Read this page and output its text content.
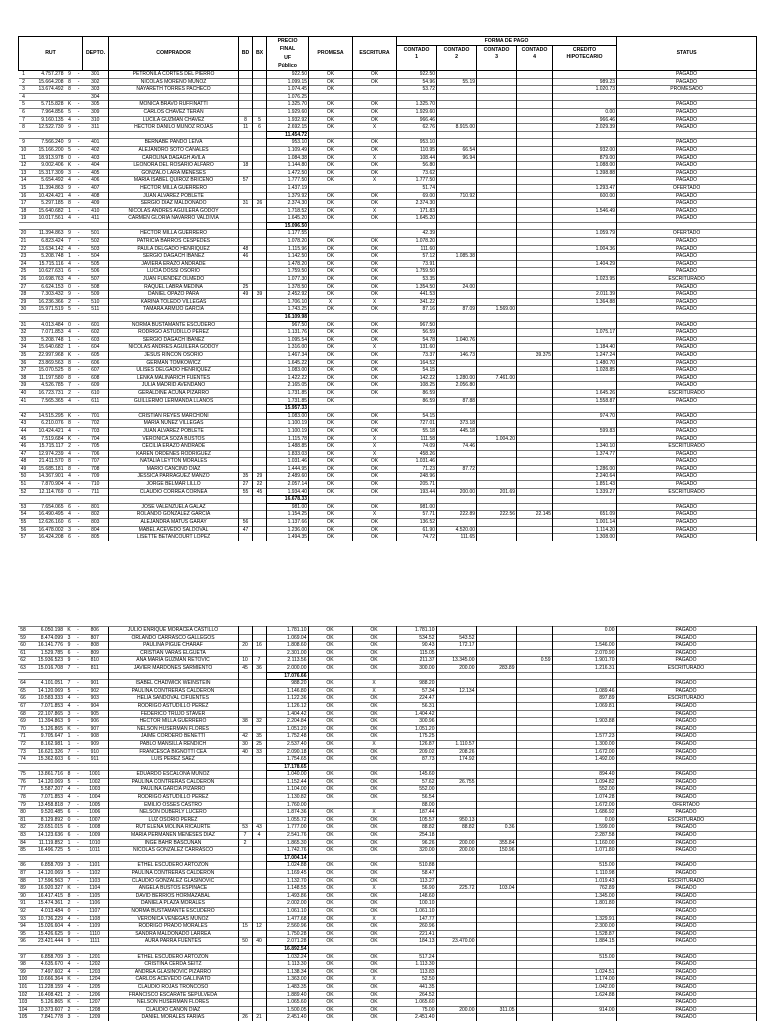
RUT				DEPTO.	COMPRADOR	BD	BX	PRECIO	PROMESA	ESCRITURA	FORMA DE PAGO					STATUS
								FINAL			CONTADO	CONTADO	CONTADO	CONTADO	CREDITO	
								UF			1	2	3	4	HIPOTECARIO	
								Público								
1	4.757.278	9	-	301	PETRONILA CORTES DEL PIERRO			922.50	OK	OK	922.50					PAGADO
2	15.664.208	8	-	302	NICOLAS MORENO MUÑOZ			1.099.15	OK	OK	54.96	55.19			989.23	PAGADO
3	13.674.492	8	-	303	NAYARETH TORRES PACHECO			1.074.45	OK		53.72				1.020.73	PROMESADO
4				304				1.076.25								
5	5.715.828	K	-	305	MONICA BRAVO RUFFINATTI			1.325.70	OK	OK	1.325.70					PAGADO
6	7.964.856	5	-	309	CARLOS CHAVEZ TERAN			1.929.60	OK	OK	1.929.60				0.00	PAGADO
7	9.160.135	4	-	310	LUCILA GUZMAN CHAVEZ	8	5	1.932.92	OK	OK	966.46				966.46	PAGADO
8	12.522.730	9	-	311	HECTOR DANILO MUÑOZ ROJAS	11	6	2.692.15	OK	X	62.76	8.915.00			2.029.39	PAGADO
								11.454.72								
9	7.566.240	9	-	401	BERNABE PANDO LEIVA			953.10	OK	OK	953.10					PAGADO
10	15.166.200	5	-	402	ALEJANDRO SOTO CANALES			1.109.49	OK	OK	110.95	66.54			932.00	PAGADO
11	18.913.978	0	-	403	CAROLINA DAGAGH AVILA			1.084.38	OK	X	108.44	96.94			879.00	PAGADO
12	9.002.406	K	-	404	LEONORA DEL ROSARIO ALFARO	18		1.144.80	OK	OK	56.80				1.088.00	PAGADO
13	15.317.309	3	-	405	GONZALO LARA MENESES			1.472.50	OK	OK	73.62				1.398.88	PAGADO
14	5.654.492	4	-	406	MARIA ISABEL QUIROZ BRICEÑO	57		1.777.50	OK	X	1.777.50					PAGADO
15	11.394.863	9	-	407	HECTOR MILLA GUERRERO			1.437.19			51.74				1.293.47	OFERTADO
16	10.424.421	4	-	408	JUAN ALVAREZ POBLETE			1.379.92	OK	OK	69.00	710.92			600.00	PAGADO
17	5.297.185	8	-	409	SERGIO DIAZ MALDONADO	31	26	2.374.30	OK	OK	2.374.30					PAGADO
18	15.640.682	1	-	410	NICOLAS ANDRES AGUILERA GODOY			1.718.52	OK	X	171.83				1.546.49	PAGADO
19	10.017.561	4	-	411	CARMEN GLORIA NAVARRO VALDIVIA			1.645.20	OK	OK	1.645.20					PAGADO
								15.096.50								
20	11.394.863	9	-	501	HECTOR MILLA GUERRERO			1.177.55			42.39				1.059.79	OFERTADO
21	6.823.424	7	-	502	PATRICIA BARROS CESPEDES			1.078.20	OK	OK	1.078.20					PAGADO
22	13.634.142	4	-	503	PAULA DELGADO HENRIQUEZ	48		1.115.96	OK	OK	111.60				1.004.36	PAGADO
23	5.208.748	1	-	504	SERGIO DAGACH IBAÑEZ	46		1.142.50	OK	OK	57.12	1.085.38				PAGADO
24	15.715.116	4	-	505	JAVIERA ERAZO ANDRADE			1.478.20	OK	OK	73.91				1.404.29	PAGADO
25	10.627.631	6	-	506	LUCIA DOSSI OSORIO			1.759.50	OK	OK	1.759.50					PAGADO
26	10.698.763	4	-	507	JUAN FUENDEZ OLMEDO			1.077.30	OK	OK	53.35				1.023.95	ESCRITURADO
27	6.624.153	0	-	508	RAQUEL LABRA MEDINA	25		1.378.50	OK	OK	1.354.50	24.00				PAGADO
28	7.303.432	9	-	509	DANIEL OPAZO PARA	49	39	2.452.92	OK	OK	441.53				2.011.39	PAGADO
29	16.236.366	2	-	510	KARINA TOLEDO VILLEGAS			1.706.10	X	X	341.22				1.364.88	PAGADO
30	15.971.519	5	-	511	TAMARA ARMIJO GARCIA			1.743.25	OK	OK	87.16	87.09	1.569.00			PAGADO
								16.109.98								
31	4.013.484	0	-	601	NORMA BUSTAMANTE ESCUDERO			967.50	OK	OK	967.50					PAGADO
32	7.071.853	4	-	602	RODRIGO ASTUDILLO PEREZ			1.131.76	OK	OK	56.59				1.075.17	PAGADO
33	5.208.748	1	-	603	SERGIO DAGACH IBAÑEZ			1.095.54	OK	OK	54.78	1.040.76				PAGADO
34	15.640.682	1	-	604	NICOLAS ANDRES AGUILERA GODOY			1.316.00	OK	X	131.60				1.184.40	PAGADO
35	22.997.968	K	-	605	JESUS RINCON OSORIO			1.467.34	OK	OK	73.37	146.73		39.375	1.247.24	PAGADO
36	23.869.563	8	-	606	GERMAN TOMKOWICZ			1.645.22	OK	OK	164.52				1.480.70	PAGADO
37	15.070.525	8	-	607	ULISES DELGADO HENRIQUEZ			1.083.00	OK	OK	54.15				1.028.85	PAGADO
38	11.197.580	8	-	608	LENKA MALINARICH FUENTES			1.422.22	OK	OK	142.22	1.280.00	7.461.00			PAGADO
39	4.526.785	7	-	609	JULIA MADRID AVENDAÑO			2.165.05	OK	OK	108.25	2.056.80				PAGADO
40	16.723.731	2	-	610	GERALDINE ACUÑA PIZARRO			1.731.85	OK	OK	86.59				1.645.26	ESCRITURADO
41	7.565.365	4	-	611	GUILLERMO LERMANDA LLANOS			1.731.85	OK		86.59	87.88			1.558.87	PAGADO
								15.957.33								
42	14.515.295	K	-	701	CRISTIAN REYES MARCHONI			1.083.00	OK	OK	54.15				974.70	PAGADO
43	6.210.076	8	-	702	MARIA NUÑEZ VILLEGAS			1.100.19	OK	OK	727.01	373.18				PAGADO
44	10.424.421	4	-	703	JUAN ALVAREZ POBLETE			1.100.19	OK	OK	55.18	445.18			599.83	PAGADO
45	7.519.684	K	-	704	VERONICA SOZA BUSTOS			1.115.78	OK	X	111.58		1.004.20			PAGADO
46	15.715.117	2	-	705	CECILIA ERAZO ANDRADE			1.488.85	OK	X	74.09	74.46			1.340.10	ESCRITURADO
47	12.974.239	4	-	706	KAREN ORDENES RODRIGUEZ			1.833.03	OK	X	458.26				1.374.77	PAGADO
48	21.411.570	8	-	707	NATALIA LEYTON MORALES			1.031.46	OK	OK	1.031.46					PAGADO
49	15.685.181	8	-	708	MARIO CANCINO DIAZ			1.444.95	OK	OK	71.23	87.72			1.286.00	PAGADO
50	14.367.901	4	-	709	JESSICA PARRAGUEZ MANZO	35	29	2.489.60	OK	OK	248.96				2.240.64	PAGADO
51	7.870.904	4	-	710	JORGE BELMAR LILLO	27	22	2.057.14	OK	OK	205.71				1.851.43	PAGADO
52	12.114.769	0	-	711	CLAUDIO CORREA CORNEA	55	45	1.934.40	OK	OK	193.44	200.00	201.69		1.339.27	ESCRITURADO
								16.678.33								
53	7.654.065	6	-	801	JOSE VALENZUELA GALAZ			981.00	OK	OK	981.00					PAGADO
54	16.490.495	4	-	802	ROLANDO GONZALEZ GARCIA			1.154.25	OK	X	57.71	222.89	222.56	22.145	651.09	PAGADO
55	12.626.160	6	-	803	ALEJANDRA MATUS GARAY	56		1.137.66	OK	OK	136.52				1.001.14	PAGADO
56	16.478.002	3	-	804	MABEL ACEVEDO SALDOVAL	47		1.236.00	OK	OK	61.90	4.520.00			1.114.20	PAGADO
57	16.424.208	6	-	805	LISETTE BETANCOURT LOPEZ			1.494.35	OK	OK	74.72	111.65			1.308.00	PAGADO
58	6.050.198	K	-	806	JULIO ENRIQUE MORACEA CASTILLO			1.781.10	OK	OK	1.781.10				0.00	PAGADO
59	8.474.099	3	-	807	ORLANDO CARRASCO GALLEGOS			1.069.04	OK	OK	534.52	543.52				PAGADO
60	16.141.776	9	-	808	PAULINA PIGUE CHARAF	20	16	1.808.60	OK	OK	90.43	172.17			1.546.00	PAGADO
61	1.529.785	6	-	809	CRISTIAN VARAS ELGUETA			2.301.00	OK	OK	115.05				2.070.90	PAGADO
62	15.936.523	9	-	810	ANA MARIA GUZMAN RETOVIC	10	7	2.113.56	OK	OK	211.37	13.345.00		0.59	1.901.70	PAGADO
63	15.016.708	7	-	811	JAVIER MARDONES SARMIENTO	45	36	2.000.00	OK	OK	300.00	200.00	283.89		1.216.31	ESCRITURADO
								17.076.66								
64	4.101.051	7	-	901	ISABEL CHADWICK WEINSTEIN			988.20	OK	X	988.20					PAGADO
65	14.120.069	5	-	902	PAULINA CONTRERAS CALDERON			1.146.80	OK	X	57.34	12.134			1.089.46	PAGADO
66	10.583.333	4	-	903	HELIA SANDOVAL CIFUENTES			1.122.36	OK	OK	224.47				897.89	ESCRITURADO
67	7.071.853	4	-	904	RODRIGO ASTUDILLO PEREZ			1.126.12	OK	OK	56.31				1.069.81	PAGADO
68	22.107.865	3	-	905	FEDERICO TRUJO STAVER			1.404.42	OK	OK	1.404.42					PAGADO
69	11.394.863	9	-	906	HECTOR MILLA GUERRERO	38	32	2.204.84	OK	OK	300.96				1.903.88	PAGADO
70	5.126.865	K	-	907	NELSON HUSERMAN FLORES			1.051.20	OK	OK	1.051.20					PAGADO
71	9.705.647	1	-	908	JAIME CORDERO BENETTI	42	35	1.752.48	OK	OK	175.25				1.577.23	PAGADO
72	8.162.981	1	-	909	PABLO MANSILLA RENDICH	30	25	2.537.40	OK	X	126.87	1.110.57			1.300.00	PAGADO
73	16.621.326	7	-	910	FRANCESCA BIGNOTTI CEA	40	33	2.090.18	OK	OK	209.02	208.26			1.672.00	PAGADO
74	15.362.603	6	-	911	LUIS PEREZ SAEZ			1.754.65	OK	OK	87.73	174.92			1.492.00	PAGADO
								17.178.65								
75	13.861.716	8	-	1001	EDUARDO ESCALONA MUÑOZ			1.040.00	OK	OK	145.60				894.40	PAGADO
76	14.120.069	5	-	1002	PAULINA CONTRERAS CALDERON			1.152.44	OK	OK	57.62	26.755			1.094.82	PAGADO
77	5.587.207	4	-	1003	PAULINA GARCIA PIZARRO			1.104.00	OK	OK	552.00				552.00	PAGADO
78	7.071.853	4	-	1004	RODRIGO ASTUDILLO PEREZ			1.130.82	OK	OK	56.54				1.074.28	PAGADO
79	13.458.818	7	-	1005	EMILIO OSSES CASTRO			1.760.00			88.00				1.672.00	OFERTADO
80	9.520.485	6	-	1006	NELSON DUBERLY LUCERO			1.874.36	OK	X	187.44				1.686.92	PAGADO
81	8.129.892	0	-	1007	LUZ OSORIO PEREZ			1.055.72	OK	OK	105.57	950.13			0.00	ESCRITURADO
82	23.651.015	6	-	1008	RUT ELENA MOLINA RICAURTE	53	43	1.777.00	OK	OK	88.82	88.82	0.36		1.599.00	PAGADO
83	14.123.636	6	-	1009	MARIA PERMANEN MENESES DIAZ	7	4	2.541.76	OK	OK	254.18				2.287.58	PAGADO
84	11.119.852	1	-	1010	INGE BAHR BASCUÑAN	2		1.865.30	OK	OK	96.26	200.00	355.84		1.160.00	PAGADO
85	16.496.725	5	-	1011	NICOLAS GONZALEZ CARRASCO			1.742.76	OK	OK	320.00	200.00	150.96		1.071.80	PAGADO
								17.004.14								
86	6.858.709	3	-	1101	ETHEL ESCUDERO ARTOZON			1.024.88	OK	OK	510.88				515.00	PAGADO
87	14.120.069	5	-	1102	PAULINA CONTRERAS CALDERON			1.169.45	OK	OK	58.47				1.110.98	PAGADO
88	17.596.563	7	-	1103	CLAUDIO GONZALEZ GLASINOVIC			1.132.70	OK	OK	113.27				1.019.43	ESCRITURADO
89	16.920.327	K	-	1104	ANGELA BUSTOS ESPINACE			1.148.55	OK	X	56.90	225.72	103.04		762.89	PAGADO
90	16.417.415	8	-	1105	DAVID BERRIOS HORMAZABAL			1.493.86	OK	OK	148.60				1.345.00	PAGADO
91	15.474.361	2	-	1106	DANIELA PLAZA MORALES			2.002.00	OK	OK	100.10				1.801.80	PAGADO
92	4.013.484	0	-	1107	NORMA BUSTAMANTE ESCUDERO			1.061.10	OK	OK	1.061.10					PAGADO
93	10.736.229	4	-	1108	VERONICA VENEGAS MUÑOZ			1.477.68	OK	X	147.77				1.329.91	PAGADO
94	15.026.604	4	-	1109	RODRIGO PRADO MORALES	15	12	2.560.96	OK	OK	260.96				2.300.00	PAGADO
95	15.426.625	9	-	1110	SANDRA MALDONADO LARREA			1.750.28	OK	OK	221.41				1.528.87	PAGADO
96	23.421.444	9	-	1111	AURA PARRA FUENTES	50	40	2.071.28	OK	OK	184.13	23.470.00			1.884.15	PAGADO
								16.892.54								
97	6.858.709	3	-	1201	ETHEL ESCUDERO ARTOZON			1.032.24	OK	OK	517.24				515.00	PAGADO
98	4.635.670	4	-	1202	CRISTINA CERDA SEITZ			1.113.30	OK	OK	1.113.30					PAGADO
99	7.497.602	4	-	1203	ANDREA GLASINOVIC PIZARRO			1.138.34	OK	OK	113.83				1.024.51	PAGADO
100	10.666.364	K	-	1204	CARLOS ACEVEDO GALLINATO			1.363.00	OK	X	52.50				1.174.00	PAGADO
101	11.228.159	4	-	1205	CLAUDIO ROJAS TRONCOSO			1.483.35	OK	OK	441.35				1.042.00	PAGADO
102	16.408.421	2	-	1206	FRANCISCO ESCARATE SEPULVEDA			1.889.40	OK	OK	264.52				1.624.88	PAGADO
103	5.126.865	K	-	1207	NELSON HUSERMAN FLORES			1.065.60	OK	OK	1.065.60					PAGADO
104	10.373.607	2	-	1208	CLAUDIO CAÑON DIAZ			1.500.05	OK	OK	75.00	200.00	311.05		914.00	PAGADO
105	7.841.778	3	-	1209	DANIEL MORALES FARIAS	26	21	2.451.40	OK	OK	2.451.40					PAGADO
